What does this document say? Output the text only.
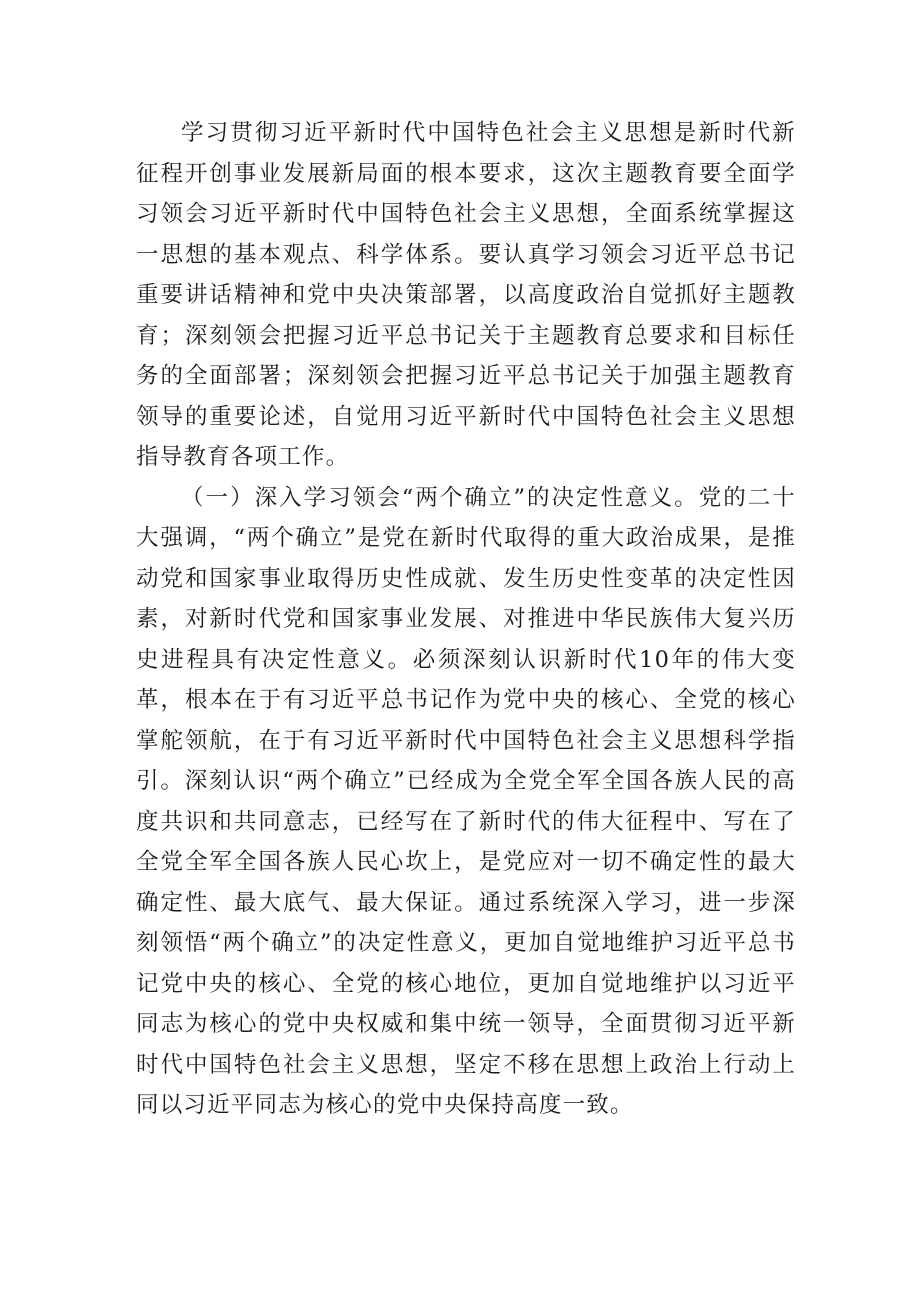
学习贯彻习近平新时代中国特色社会主义思想是新时代新征程开创事业发展新局面的根本要求，这次主题教育要全面学习领会习近平新时代中国特色社会主义思想，全面系统掌握这一思想的基本观点、科学体系。要认真学习领会习近平总书记重要讲话精神和党中央决策部署，以高度政治自觉抓好主题教育；深刻领会把握习近平总书记关于主题教育总要求和目标任务的全面部署；深刻领会把握习近平总书记关于加强主题教育领导的重要论述，自觉用习近平新时代中国特色社会主义思想指导教育各项工作。

（一）深入学习领会“两个确立”的决定性意义。党的二十大强调，“两个确立”是党在新时代取得的重大政治成果，是推动党和国家事业取得历史性成就、发生历史性变革的决定性因素，对新时代党和国家事业发展、对推进中华民族伟大复兴历史进程具有决定性意义。必须深刻认识新时代10年的伟大变革，根本在于有习近平总书记作为党中央的核心、全党的核心掌舵领航，在于有习近平新时代中国特色社会主义思想科学指引。深刻认识“两个确立”已经成为全党全军全国各族人民的高度共识和共同意志，已经写在了新时代的伟大征程中、写在了全党全军全国各族人民心坎上，是党应对一切不确定性的最大确定性、最大底气、最大保证。通过系统深入学习，进一步深刻领悟“两个确立”的决定性意义，更加自觉地维护习近平总书记党中央的核心、全党的核心地位，更加自觉地维护以习近平同志为核心的党中央权威和集中统一领导，全面贯彻习近平新时代中国特色社会主义思想，坚定不移在思想上政治上行动上同以习近平同志为核心的党中央保持高度一致。
